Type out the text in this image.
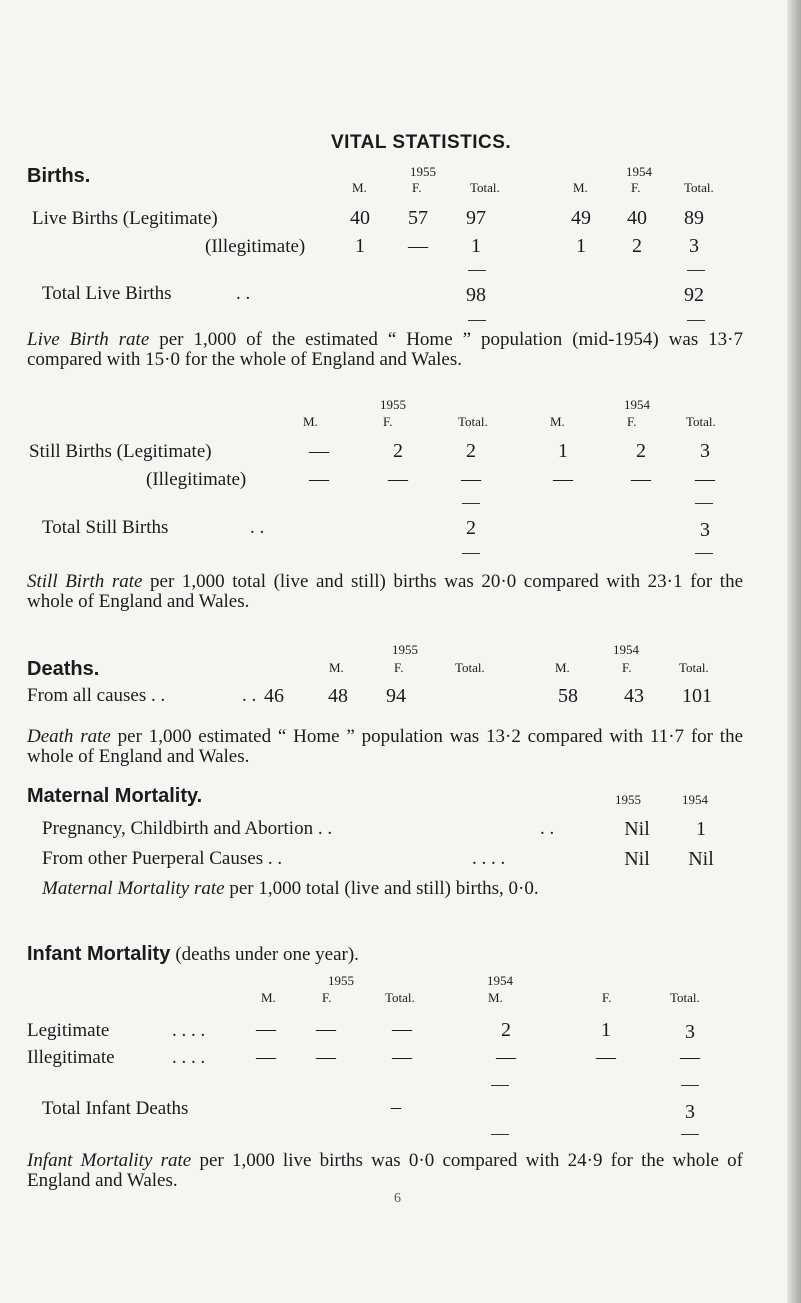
VITAL STATISTICS.
Births.	1955	1954
M.	F.	Total.	M.	F.	Total.
Live Births (Legitimate)	40	57	97	49	40	89
(Illegitimate)	1	—	1	1	2	3
Total Live Births	. .	98	92
Live Birth rate per 1,000 of the estimated “ Home ” population (mid-1954) was 13·7 compared with 15·0 for the whole of England and Wales.
1955	1954
M.	F.	Total.	M.	F.	Total.
Still Births (Legitimate)	—	2	2	1	2	3
(Illegitimate)	—	—	—	—	—	—
Total Still Births	. .	2	3
Still Birth rate per 1,000 total (live and still) births was 20·0 compared with 23·1 for the whole of England and Wales.
Deaths.
1955	1954
M.	F.	Total.	M.	F.	Total.
From all causes . .	. . 46	48	94	58	43	101
Death rate per 1,000 estimated “ Home ” population was 13·2 compared with 11·7 for the whole of England and Wales.
Maternal Mortality.	1955	1954
Pregnancy, Childbirth and Abortion . .	. .	Nil	1
From other Puerperal Causes . .	. . . .	Nil	Nil
Maternal Mortality rate per 1,000 total (live and still) births, 0·0.
Infant Mortality (deaths under one year).
1955	1954
M.	F.	Total.	M.	F.	Total.
Legitimate	. . . .	—	—	—	2	1	3
Illegitimate	. . . .	—	—	—	—	—	—
Total Infant Deaths	–	3
Infant Mortality rate per 1,000 live births was 0·0 compared with 24·9 for the whole of England and Wales.
6
